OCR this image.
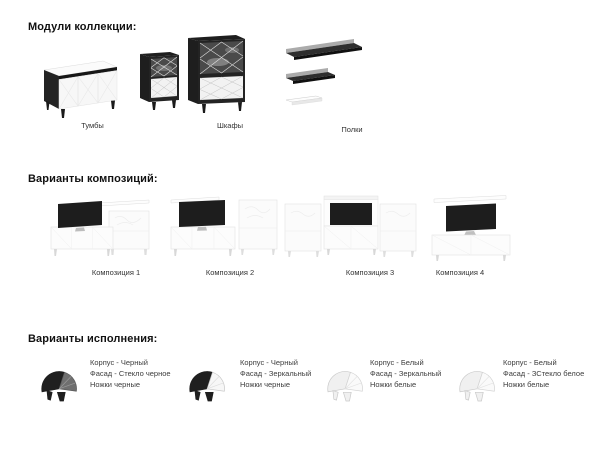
Модули коллекции:
Тумбы	Шкафы	Полки
Варианты композиций:
Композиция 1	Композиция 2	Композиция 3	Композиция 4
Варианты исполнения:
Корпус - Черный
Фасад - Стекло черное
Ножки черные
Корпус - Черный
Фасад - Зеркальный
Ножки черные
Корпус - Белый
Фасад - Зеркальный
Ножки белые
Корпус - Белый
Фасад - ЗСтекло белое
Ножки белые
